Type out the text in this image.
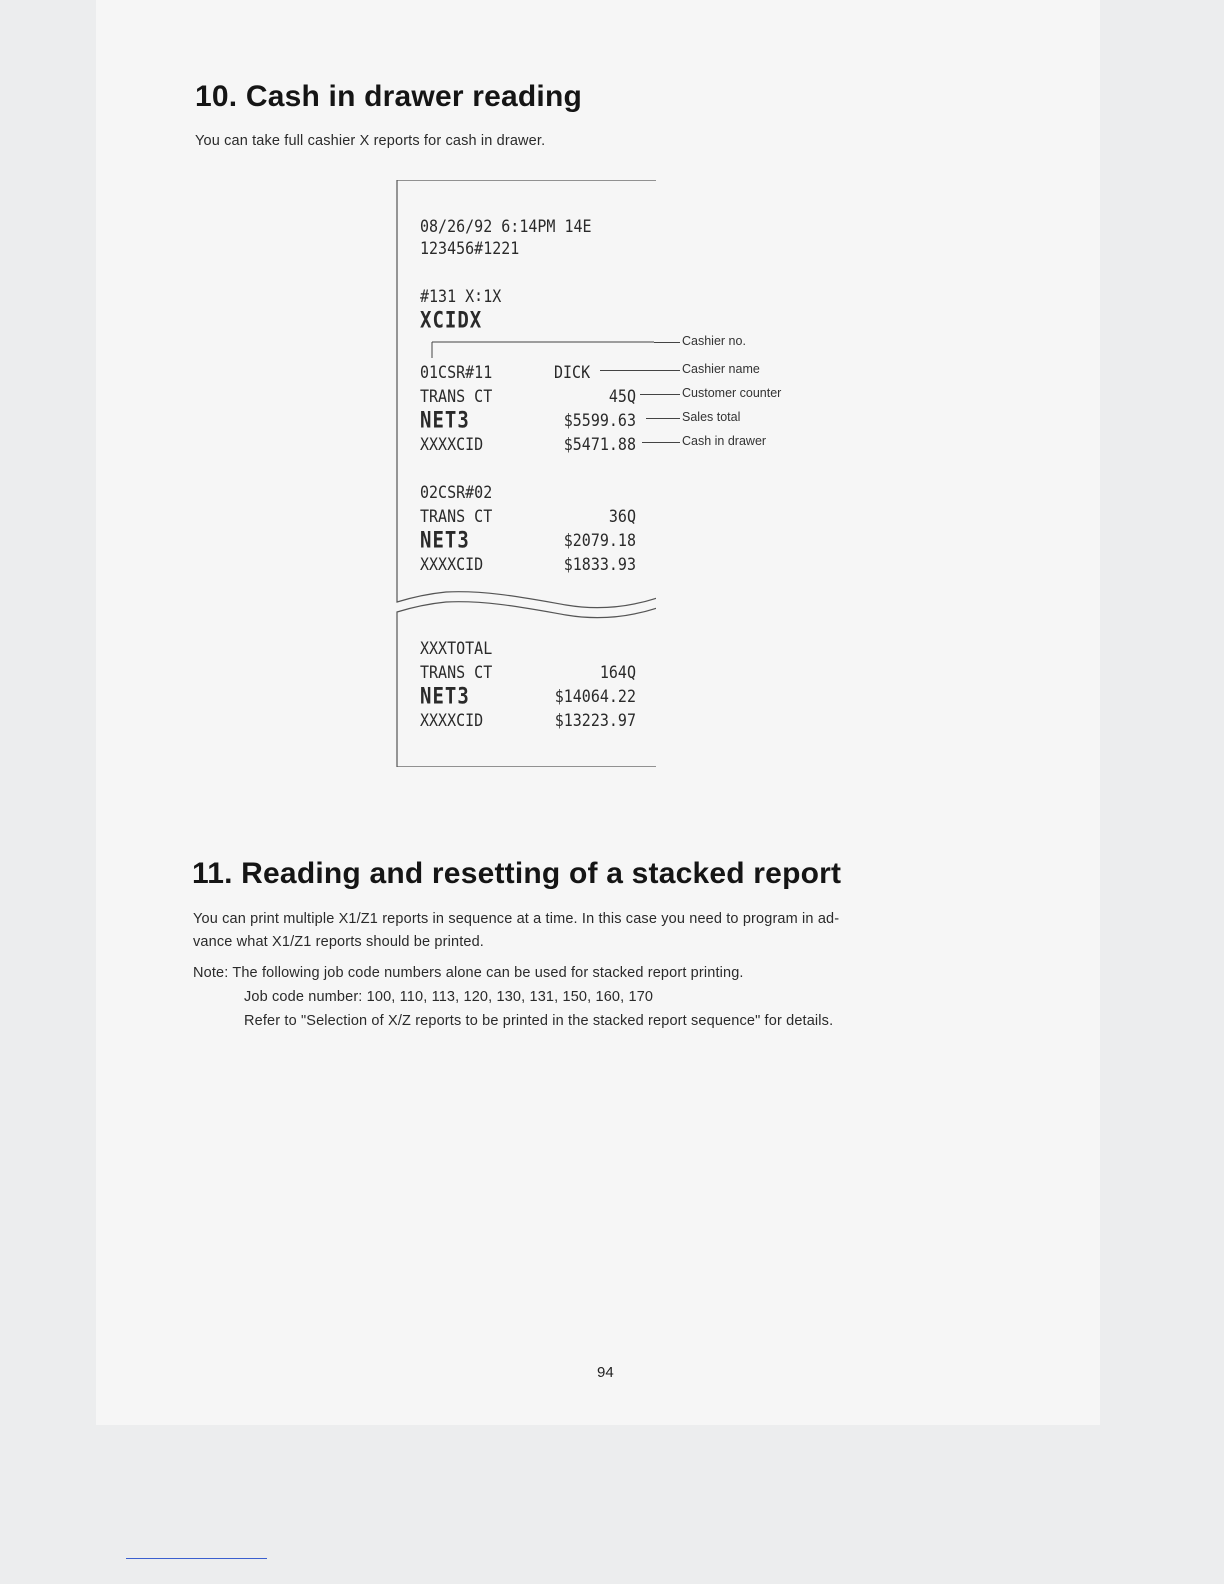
10. Cash in drawer reading

You can take full cashier X reports for cash in drawer.

08/26/92 6:14PM 14E
123456#1221
#131 X∶1X
XCIDX
01CSR#11	DICK
TRANS CT	45Q
NET3	$5599.63
XXXXCID	$5471.88
02CSR#02
TRANS CT	36Q
NET3	$2079.18
XXXXCID	$1833.93
XXXTOTAL
TRANS CT	164Q
NET3	$14064.22
XXXXCID	$13223.97
Cashier no.
Cashier name
Customer counter
Sales total
Cash in drawer
11. Reading and resetting of a stacked report

You can print multiple X1/Z1 reports in sequence at a time. In this case you need to program in ad-

vance what X1/Z1 reports should be printed.

Note: The following job code numbers alone can be used for stacked report printing.

Job code number: 100, 110, 113, 120, 130, 131, 150, 160, 170

Refer to "Selection of X/Z reports to be printed in the stacked report sequence" for details.

94
